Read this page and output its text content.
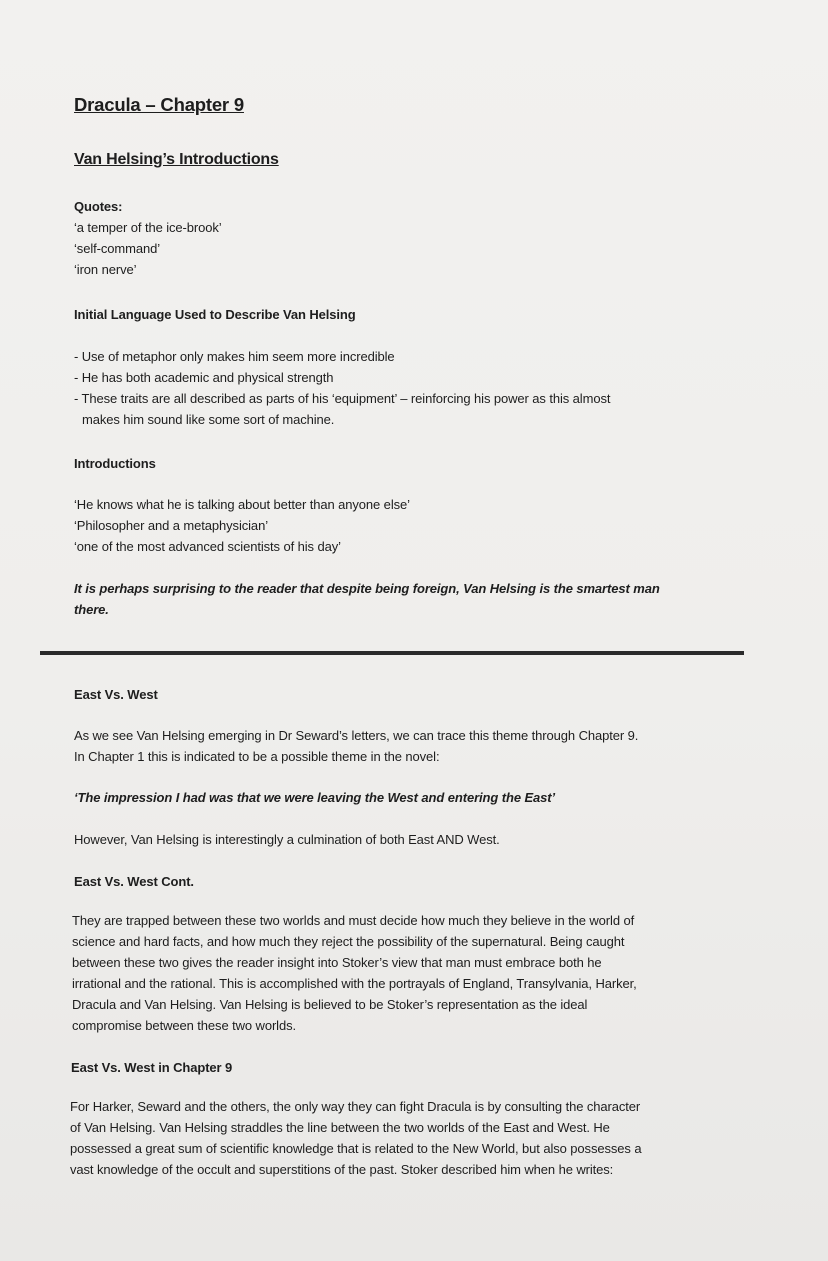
Dracula – Chapter 9
Van Helsing’s Introductions
Quotes:
‘a temper of the ice-brook’
‘self-command’
‘iron nerve’
Initial Language Used to Describe Van Helsing
- Use of metaphor only makes him seem more incredible
- He has both academic and physical strength
- These traits are all described as parts of his ‘equipment’ – reinforcing his power as this almost
makes him sound like some sort of machine.
Introductions
‘He knows what he is talking about better than anyone else’
‘Philosopher and a metaphysician’
‘one of the most advanced scientists of his day’
It is perhaps surprising to the reader that despite being foreign, Van Helsing is the smartest man
there.
East Vs. West
As we see Van Helsing emerging in Dr Seward’s letters, we can trace this theme through Chapter 9.
In Chapter 1 this is indicated to be a possible theme in the novel:
‘The impression I had was that we were leaving the West and entering the East’
However, Van Helsing is interestingly a culmination of both East AND West.
East Vs. West Cont.
They are trapped between these two worlds and must decide how much they believe in the world of
science and hard facts, and how much they reject the possibility of the supernatural. Being caught
between these two gives the reader insight into Stoker’s view that man must embrace both he
irrational and the rational. This is accomplished with the portrayals of England, Transylvania, Harker,
Dracula and Van Helsing. Van Helsing is believed to be Stoker’s representation as the ideal
compromise between these two worlds.
East Vs. West in Chapter 9
For Harker, Seward and the others, the only way they can fight Dracula is by consulting the character
of Van Helsing. Van Helsing straddles the line between the two worlds of the East and West. He
possessed a great sum of scientific knowledge that is related to the New World, but also possesses a
vast knowledge of the occult and superstitions of the past. Stoker described him when he writes:
